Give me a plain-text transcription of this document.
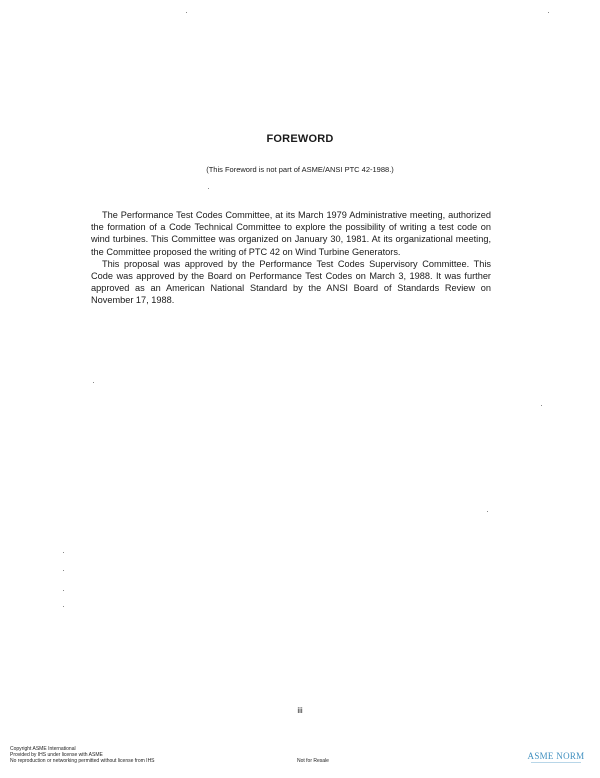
FOREWORD
(This Foreword is not part of ASME/ANSI PTC 42-1988.)

The Performance Test Codes Committee, at its March 1979 Administrative meeting, authorized the formation of a Code Technical Committee to explore the possibility of writing a test code on wind turbines. This Committee was organized on January 30, 1981. At its organizational meeting, the Committee proposed the writing of PTC 42 on Wind Turbine Generators.

This proposal was approved by the Performance Test Codes Supervisory Committee. This Code was approved by the Board on Performance Test Codes on March 3, 1988. It was further approved as an American National Standard by the ANSI Board of Standards Review on November 17, 1988.

iii
Copyright ASME International
Provided by IHS under license with ASME
No reproduction or networking permitted without license from IHS	Not for Resale	ASME NORM
